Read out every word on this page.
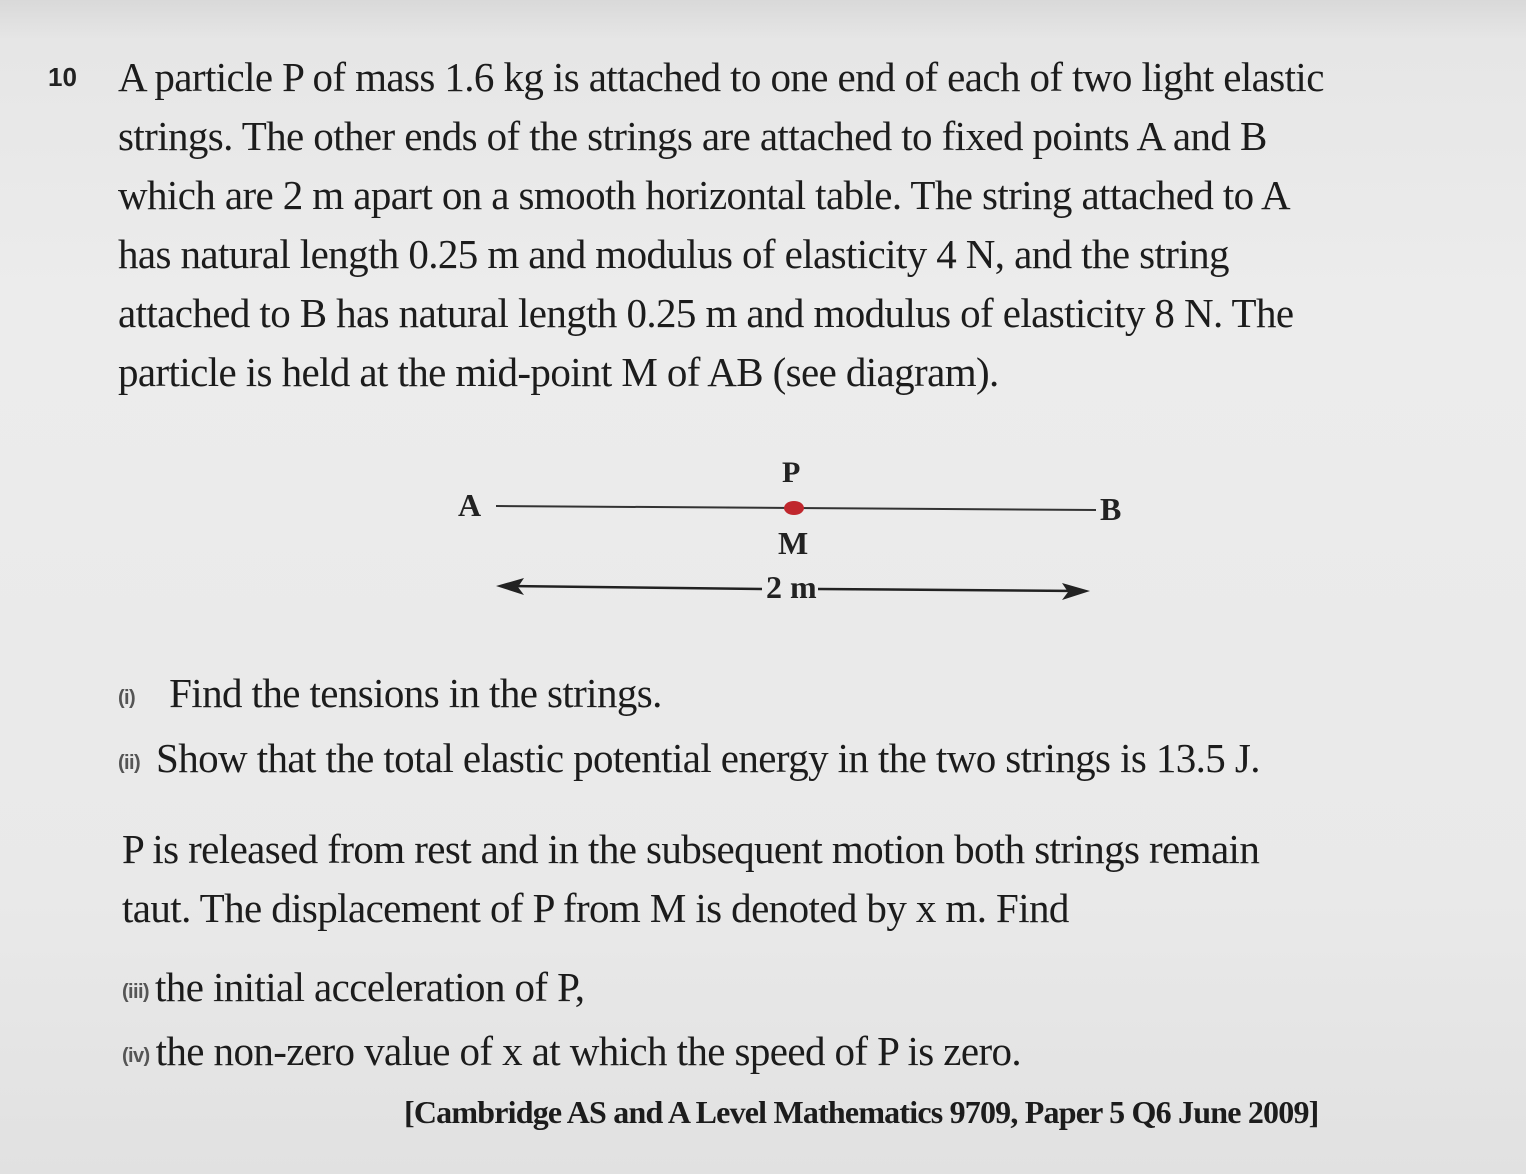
10 A particle P of mass 1.6 kg is attached to one end of each of two light elastic
strings. The other ends of the strings are attached to fixed points A and B
which are 2 m apart on a smooth horizontal table. The string attached to A
has natural length 0.25 m and modulus of elasticity 4 N, and the string
attached to B has natural length 0.25 m and modulus of elasticity 8 N. The
particle is held at the mid-point M of AB (see diagram).
A	B
P
M
2 m
(i) Find the tensions in the strings.
(ii) Show that the total elastic potential energy in the two strings is 13.5 J.
P is released from rest and in the subsequent motion both strings remain
taut. The displacement of P from M is denoted by x m. Find
(iii) the initial acceleration of P,
(iv) the non-zero value of x at which the speed of P is zero.
[Cambridge AS and A Level Mathematics 9709, Paper 5 Q6 June 2009]
